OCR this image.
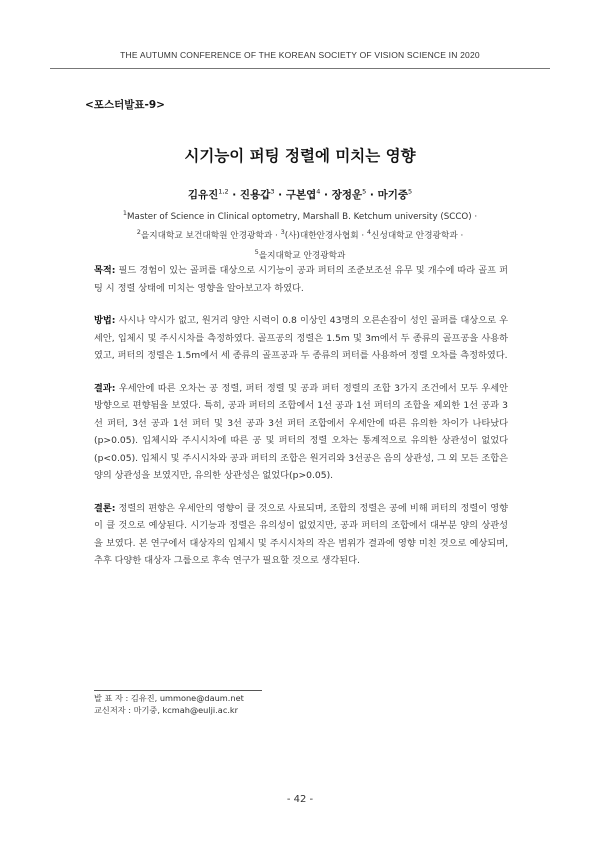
THE AUTUMN CONFERENCE OF THE KOREAN SOCIETY OF VISION SCIENCE IN 2020
<포스터발표-9>
시기능이 퍼팅 정렬에 미치는 영향
김유진$^{1,2}$ · 진용갑$^3$ · 구본엽$^4$ · 장정운$^5$ · 마기중$^5$
$^1$Master of Science in Clinical optometry, Marshall B. Ketchum university (SCCO) ·
$^2$을지대학교 보건대학원 안경광학과 · $^3$(사)대한안경사협회 · $^4$신성대학교 안경광학과 ·
$^5$을지대학교 안경광학과

목적: 필드 경험이 있는 골퍼를 대상으로 시기능이 공과 퍼터의 조준보조선 유무 및 개수에 따라 골프 퍼팅 시 정렬 상태에 미치는 영향을 알아보고자 하였다.

방법: 사시나 약시가 없고, 원거리 양안 시력이 0.8 이상인 43명의 오른손잡이 성인 골퍼를 대상으로 우세안, 입체시 및 주시시차를 측정하였다. 골프공의 정렬은 1.5m 및 3m에서 두 종류의 골프공을 사용하였고, 퍼터의 정렬은 1.5m에서 세 종류의 골프공과 두 종류의 퍼터를 사용하여 정렬 오차를 측정하였다.

결과: 우세안에 따른 오차는 공 정렬, 퍼터 정렬 및 공과 퍼터 정렬의 조합 3가지 조건에서 모두 우세안 방향으로 편향됨을 보였다. 특히, 공과 퍼터의 조합에서 1선 공과 1선 퍼터의 조합을 제외한 1선 공과 3선 퍼터, 3선 공과 1선 퍼터 및 3선 공과 3선 퍼터 조합에서 우세안에 따른 유의한 차이가 나타났다(p>0.05). 입체시와 주시시차에 따른 공 및 퍼터의 정렬 오차는 통계적으로 유의한 상관성이 없었다(p<0.05). 입체시 및 주시시차와 공과 퍼터의 조합은 원거리와 3선공은 음의 상관성, 그 외 모든 조합은 양의 상관성을 보였지만, 유의한 상관성은 없었다(p>0.05).

결론: 정렬의 편향은 우세안의 영향이 클 것으로 사료되며, 조합의 정렬은 공에 비해 퍼터의 정렬이 영향이 클 것으로 예상된다. 시기능과 정렬은 유의성이 없었지만, 공과 퍼터의 조합에서 대부분 양의 상관성을 보였다. 본 연구에서 대상자의 입체시 및 주시시차의 작은 범위가 결과에 영향 미친 것으로 예상되며, 추후 다양한 대상자 그룹으로 후속 연구가 필요할 것으로 생각된다.

발 표 자 : 김유진, ummone@daum.net
교신저자 : 마기중, kcmah@eulji.ac.kr
- 42 -
